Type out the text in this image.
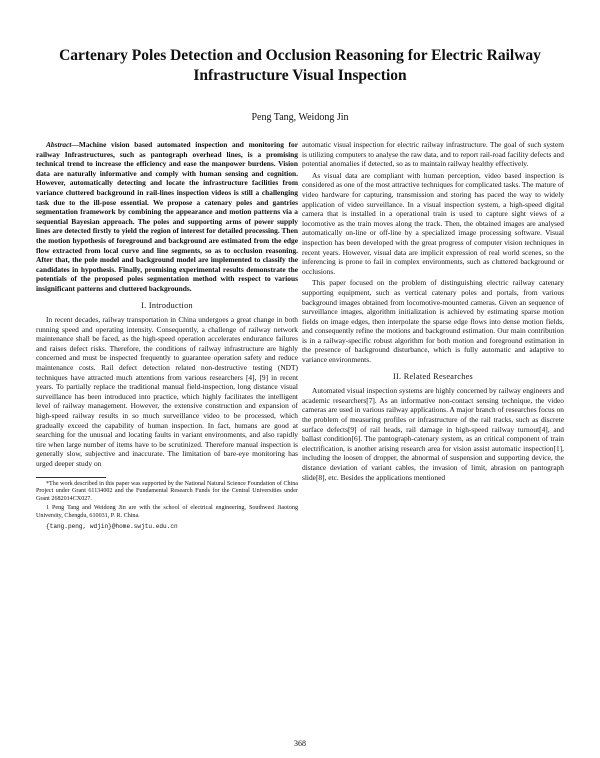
Cartenary Poles Detection and Occlusion Reasoning for Electric Railway Infrastructure Visual Inspection
Peng Tang, Weidong Jin

Abstract—Machine vision based automated inspection and monitoring for railway Infrastructures, such as pantograph overhead lines, is a promising technical trend to increase the efficiency and ease the manpower burdens. Vision data are naturally informative and comply with human sensing and cognition. However, automatically detecting and locate the infrastructure facilities from variance cluttered background in rail-lines inspection videos is still a challenging task due to the ill-pose essential. We propose a catenary poles and gantries segmentation framework by combining the appearance and motion patterns via a sequential Bayesian approach. The poles and supporting arms of power supply lines are detected firstly to yield the region of interest for detailed processing. Then the motion hypothesis of foreground and background are estimated from the edge flow extracted from local curve and line segments, so as to occlusion reasoning. After that, the pole model and background model are implemented to classify the candidates in hypothesis. Finally, promising experimental results demonstrate the potentials of the proposed poles segmentation method with respect to various insignificant patterns and cluttered backgrounds.

I. Introduction

In recent decades, railway transportation in China undergoes a great change in both running speed and operating intensity. Consequently, a challenge of railway network maintenance shall be faced, as the high-speed operation accelerates endurance failures and raises defect risks. Therefore, the conditions of railway infrastructure are highly concerned and must be inspected frequently to guarantee operation safety and reduce maintenance costs. Rail defect detection related non-destructive testing (NDT) techniques have attracted much attentions from various researchers [4], [9] in recent years. To partially replace the traditional manual field-inspection, long distance visual surveillance has been introduced into practice, which highly facilitates the intelligent level of railway management. However, the extensive construction and expansion of high-speed railway results in so much surveillance video to be processed, which gradually exceed the capability of human inspection. In fact, humans are good at searching for the unusual and locating faults in variant environments, and also rapidly tire when large number of items have to be scrutinized. Therefore manual inspection is generally slow, subjective and inaccurate. The limitation of bare-eye monitoring has urged deeper study on

*The work described in this paper was supported by the National Natural Science Foundation of China Project under Grant 61134002 and the Fundamental Research Funds for the Central Universities under Grant 2682014CX027.

1 Peng Tang and Weidong Jin are with the school of electrical engineering, Southwest Jiaotong University, Chengdu, 610031, P. R. China.

{tang.peng, wdjin}@home.swjtu.edu.cn

automatic visual inspection for electric railway infrastructure. The goal of such system is utilizing computers to analyse the raw data, and to report rail-road facility defects and potential anomalies if detected, so as to maintain railway healthy effectively.

As visual data are compliant with human perception, video based inspection is considered as one of the most attractive techniques for complicated tasks. The mature of video hardware for capturing, transmission and storing has paced the way to widely application of video surveillance. In a visual inspection system, a high-speed digital camera that is installed in a operational train is used to capture sight views of a locomotive as the train moves along the track. Then, the obtained images are analysed automatically on-line or off-line by a specialized image processing software. Visual inspection has been developed with the great progress of computer vision techniques in recent years. However, visual data are implicit expression of real world scenes, so the inferencing is prone to fail in complex environments, such as cluttered background or occlusions.

This paper focused on the problem of distinguishing electric railway catenary supporting equipment, such as vertical catenary poles and portals, from various background images obtained from locomotive-mounted cameras. Given an sequence of surveillance images, algorithm initialization is achieved by estimating sparse motion fields on image edges, then interpolate the sparse edge flows into dense motion fields, and consequently refine the motions and background estimation. Our main contribution is in a railway-specific robust algorithm for both motion and foreground estimation in the presence of background disturbance, which is fully automatic and adaptive to variance environments.

II. Related Researches

Automated visual inspection systems are highly concerned by railway engineers and academic researchers[7]. As an informative non-contact sensing technique, the video cameras are used in various railway applications. A major branch of researches focus on the problem of measuring profiles or infrastructure of the rail tracks, such as discrete surface defects[9] of rail heads, rail damage in high-speed railway turnout[4], and ballast condition[6]. The pantograph-catenary system, as an critical component of train electrification, is another arising research area for vision assist automatic inspection[1], including the loosen of dropper, the abnormal of suspension and supporting device, the distance deviation of variant cables, the invasion of limit, abrasion on pantograph slide[8], etc. Besides the applications mentioned

368
